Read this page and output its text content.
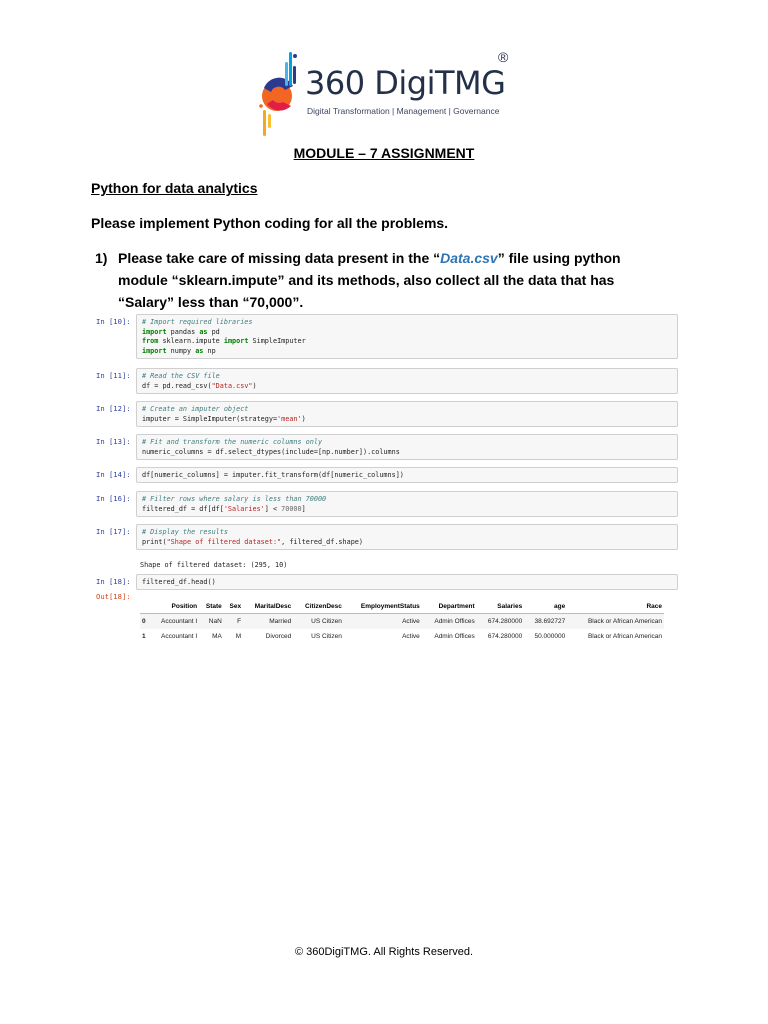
360 DigiTMG
®
Digital Transformation | Management | Governance
MODULE – 7 ASSIGNMENT
Python for data analytics
Please implement Python coding for all the problems.
1) Please take care of missing data present in the “Data.csv” file using python module “sklearn.impute” and its methods, also collect all the data that has “Salary” less than “70,000”.
In [10]:	# Import required libraries
import pandas as pd
from sklearn.impute import SimpleImputer
import numpy as np
In [11]:	# Read the CSV file
df = pd.read_csv("Data.csv")
In [12]:	# Create an imputer object
imputer = SimpleImputer(strategy='mean')
In [13]:	# Fit and transform the numeric columns only
numeric_columns = df.select_dtypes(include=[np.number]).columns
In [14]:	df[numeric_columns] = imputer.fit_transform(df[numeric_columns])
In [16]:	# Filter rows where salary is less than 70000
filtered_df = df[df['Salaries'] < 70000]
In [17]:	# Display the results
print("Shape of filtered dataset:", filtered_df.shape)
Shape of filtered dataset: (295, 10)
In [18]:	filtered_df.head()
Out[18]:
	Position	State	Sex	MaritalDesc	CitizenDesc	EmploymentStatus	Department	Salaries	age	Race
0	Accountant I	NaN	F	Married	US Citizen	Active	Admin Offices	674.280000	38.692727	Black or African American
1	Accountant I	MA	M	Divorced	US Citizen	Active	Admin Offices	674.280000	50.000000	Black or African American
© 360DigiTMG. All Rights Reserved.
